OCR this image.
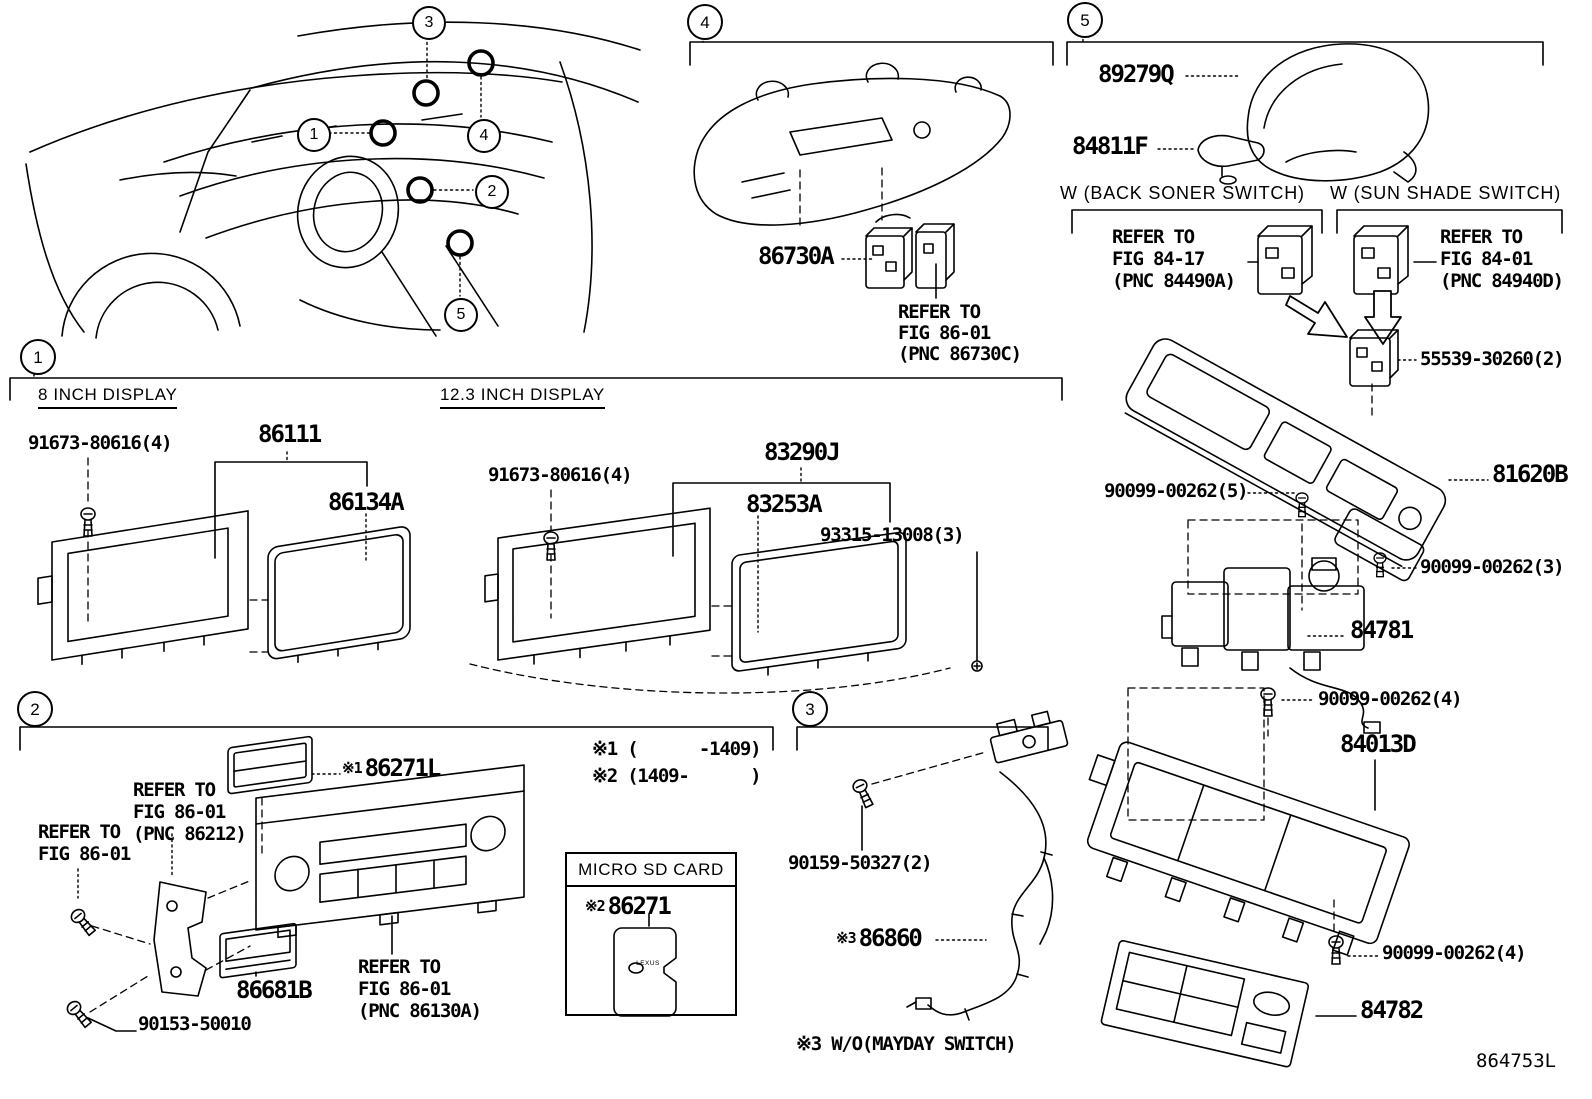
1
2
3
4
5
1
2	3
4	5
8 INCH DISPLAY	12.3 INCH DISPLAY
91673-80616(4)	86111
86134A
91673-80616(4)
83290J
83253A
93315-13008(3)
REFER TO
FIG 86-01
REFER TO
FIG 86-01
(PNC 86212)
※1 86271L
86681B
90153-50010
REFER TO
FIG 86-01
(PNC 86130A)
※1 (      -1409)
※2 (1409-      )
MICRO SD CARD
※2 86271
LEXUS
90159-50327(2)
※3 86860
※3 W/O(MAYDAY SWITCH)
86730A
REFER TO
FIG 86-01
(PNC 86730C)
89279Q
84811F
W (BACK SONER SWITCH) W (SUN SHADE SWITCH)
REFER TO
FIG 84-17
(PNC 84490A)
REFER TO
FIG 84-01
(PNC 84940D)
55539-30260(2)
81620B
90099-00262(5)
90099-00262(3)
84781
90099-00262(4)
84013D
90099-00262(4)
84782
864753L
